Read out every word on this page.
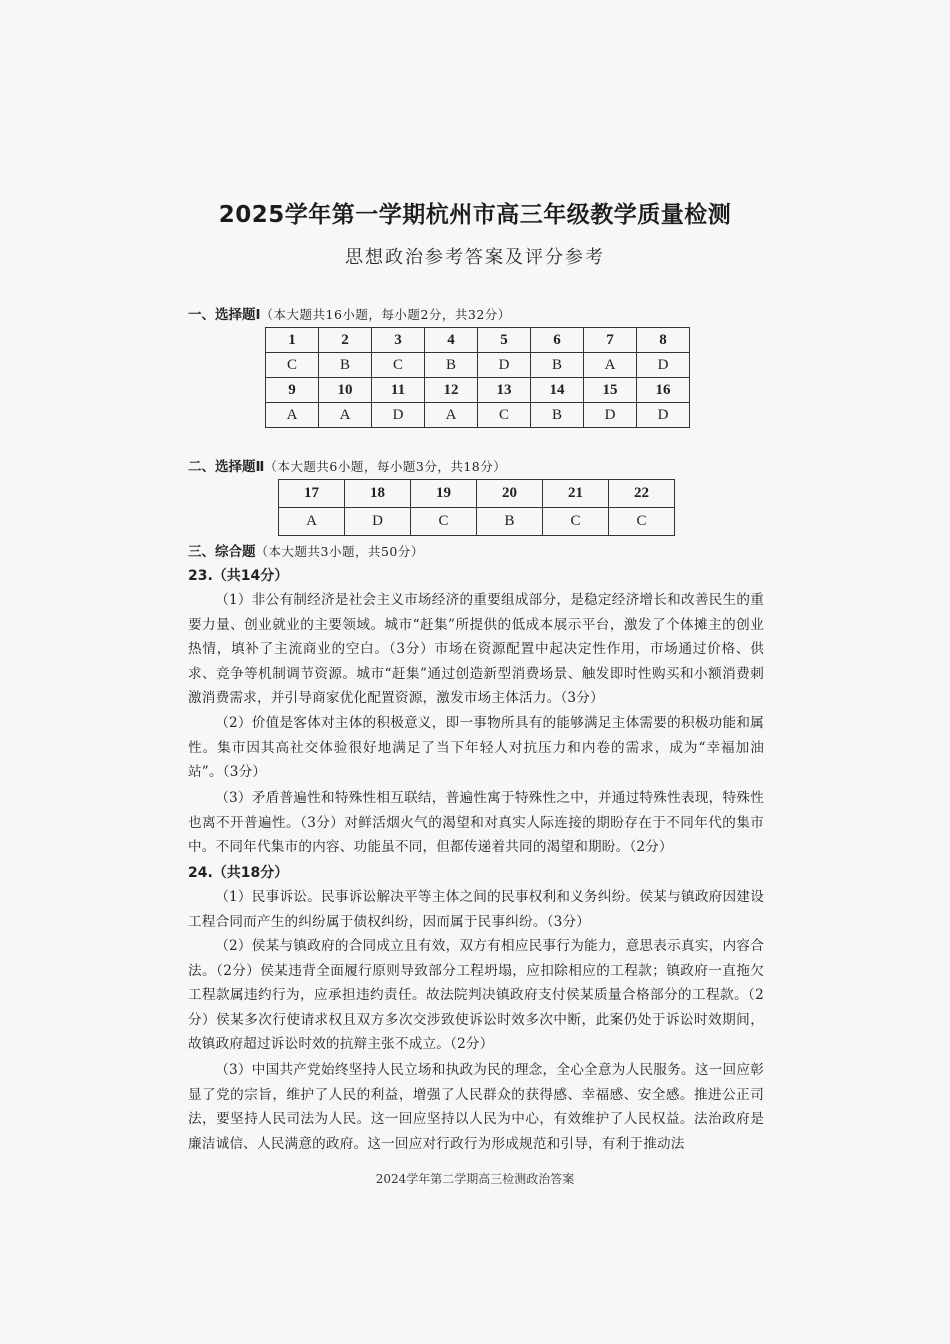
2025学年第一学期杭州市高三年级教学质量检测
思想政治参考答案及评分参考
一、选择题Ⅰ（本大题共16小题，每小题2分，共32分）
1	2	3	4	5	6	7	8
C	B	C	B	D	B	A	D
9	10	11	12	13	14	15	16
A	A	D	A	C	B	D	D
二、选择题Ⅱ（本大题共6小题，每小题3分，共18分）
17	18	19	20	21	22
A	D	C	B	C	C
三、综合题（本大题共3小题，共50分）
23.（共14分）
（1）非公有制经济是社会主义市场经济的重要组成部分，是稳定经济增长和改善民生的重要力量、创业就业的主要领域。城市“赶集”所提供的低成本展示平台，激发了个体摊主的创业热情，填补了主流商业的空白。（3分）市场在资源配置中起决定性作用，市场通过价格、供求、竞争等机制调节资源。城市“赶集”通过创造新型消费场景、触发即时性购买和小额消费刺激消费需求，并引导商家优化配置资源，激发市场主体活力。（3分）
（2）价值是客体对主体的积极意义，即一事物所具有的能够满足主体需要的积极功能和属性。集市因其高社交体验很好地满足了当下年轻人对抗压力和内卷的需求，成为“幸福加油站”。（3分）
（3）矛盾普遍性和特殊性相互联结，普遍性寓于特殊性之中，并通过特殊性表现，特殊性也离不开普遍性。（3分）对鲜活烟火气的渴望和对真实人际连接的期盼存在于不同年代的集市中。不同年代集市的内容、功能虽不同，但都传递着共同的渴望和期盼。（2分）
24.（共18分）
（1）民事诉讼。民事诉讼解决平等主体之间的民事权利和义务纠纷。侯某与镇政府因建设工程合同而产生的纠纷属于债权纠纷，因而属于民事纠纷。（3分）
（2）侯某与镇政府的合同成立且有效，双方有相应民事行为能力，意思表示真实，内容合法。（2分）侯某违背全面履行原则导致部分工程坍塌，应扣除相应的工程款；镇政府一直拖欠工程款属违约行为，应承担违约责任。故法院判决镇政府支付侯某质量合格部分的工程款。（2分）侯某多次行使请求权且双方多次交涉致使诉讼时效多次中断，此案仍处于诉讼时效期间，故镇政府超过诉讼时效的抗辩主张不成立。（2分）
（3）中国共产党始终坚持人民立场和执政为民的理念，全心全意为人民服务。这一回应彰显了党的宗旨，维护了人民的利益，增强了人民群众的获得感、幸福感、安全感。推进公正司法，要坚持人民司法为人民。这一回应坚持以人民为中心，有效维护了人民权益。法治政府是廉洁诚信、人民满意的政府。这一回应对行政行为形成规范和引导，有利于推动法
2024学年第二学期高三检测政治答案
